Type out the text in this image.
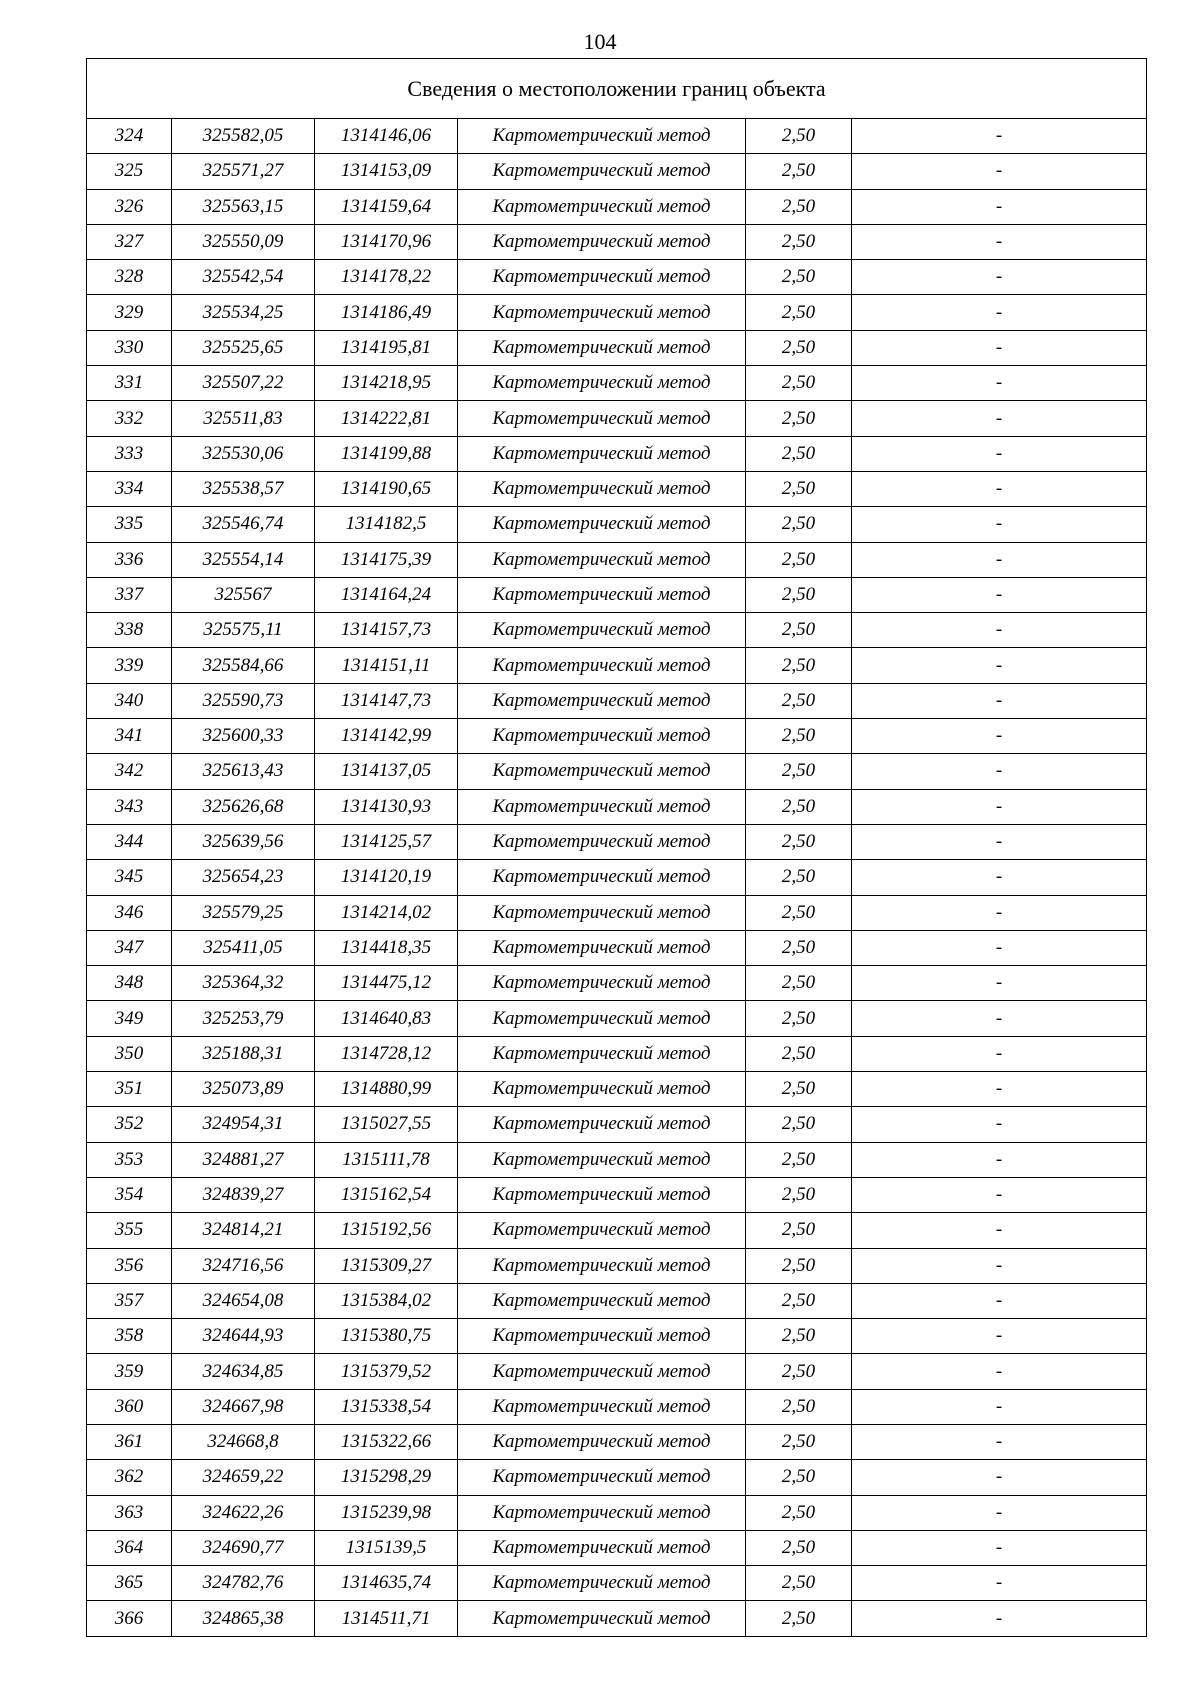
104
Сведения о местоположении границ объекта					
324	325582,05	1314146,06	Картометрический метод	2,50	-
325	325571,27	1314153,09	Картометрический метод	2,50	-
326	325563,15	1314159,64	Картометрический метод	2,50	-
327	325550,09	1314170,96	Картометрический метод	2,50	-
328	325542,54	1314178,22	Картометрический метод	2,50	-
329	325534,25	1314186,49	Картометрический метод	2,50	-
330	325525,65	1314195,81	Картометрический метод	2,50	-
331	325507,22	1314218,95	Картометрический метод	2,50	-
332	325511,83	1314222,81	Картометрический метод	2,50	-
333	325530,06	1314199,88	Картометрический метод	2,50	-
334	325538,57	1314190,65	Картометрический метод	2,50	-
335	325546,74	1314182,5	Картометрический метод	2,50	-
336	325554,14	1314175,39	Картометрический метод	2,50	-
337	325567	1314164,24	Картометрический метод	2,50	-
338	325575,11	1314157,73	Картометрический метод	2,50	-
339	325584,66	1314151,11	Картометрический метод	2,50	-
340	325590,73	1314147,73	Картометрический метод	2,50	-
341	325600,33	1314142,99	Картометрический метод	2,50	-
342	325613,43	1314137,05	Картометрический метод	2,50	-
343	325626,68	1314130,93	Картометрический метод	2,50	-
344	325639,56	1314125,57	Картометрический метод	2,50	-
345	325654,23	1314120,19	Картометрический метод	2,50	-
346	325579,25	1314214,02	Картометрический метод	2,50	-
347	325411,05	1314418,35	Картометрический метод	2,50	-
348	325364,32	1314475,12	Картометрический метод	2,50	-
349	325253,79	1314640,83	Картометрический метод	2,50	-
350	325188,31	1314728,12	Картометрический метод	2,50	-
351	325073,89	1314880,99	Картометрический метод	2,50	-
352	324954,31	1315027,55	Картометрический метод	2,50	-
353	324881,27	1315111,78	Картометрический метод	2,50	-
354	324839,27	1315162,54	Картометрический метод	2,50	-
355	324814,21	1315192,56	Картометрический метод	2,50	-
356	324716,56	1315309,27	Картометрический метод	2,50	-
357	324654,08	1315384,02	Картометрический метод	2,50	-
358	324644,93	1315380,75	Картометрический метод	2,50	-
359	324634,85	1315379,52	Картометрический метод	2,50	-
360	324667,98	1315338,54	Картометрический метод	2,50	-
361	324668,8	1315322,66	Картометрический метод	2,50	-
362	324659,22	1315298,29	Картометрический метод	2,50	-
363	324622,26	1315239,98	Картометрический метод	2,50	-
364	324690,77	1315139,5	Картометрический метод	2,50	-
365	324782,76	1314635,74	Картометрический метод	2,50	-
366	324865,38	1314511,71	Картометрический метод	2,50	-
